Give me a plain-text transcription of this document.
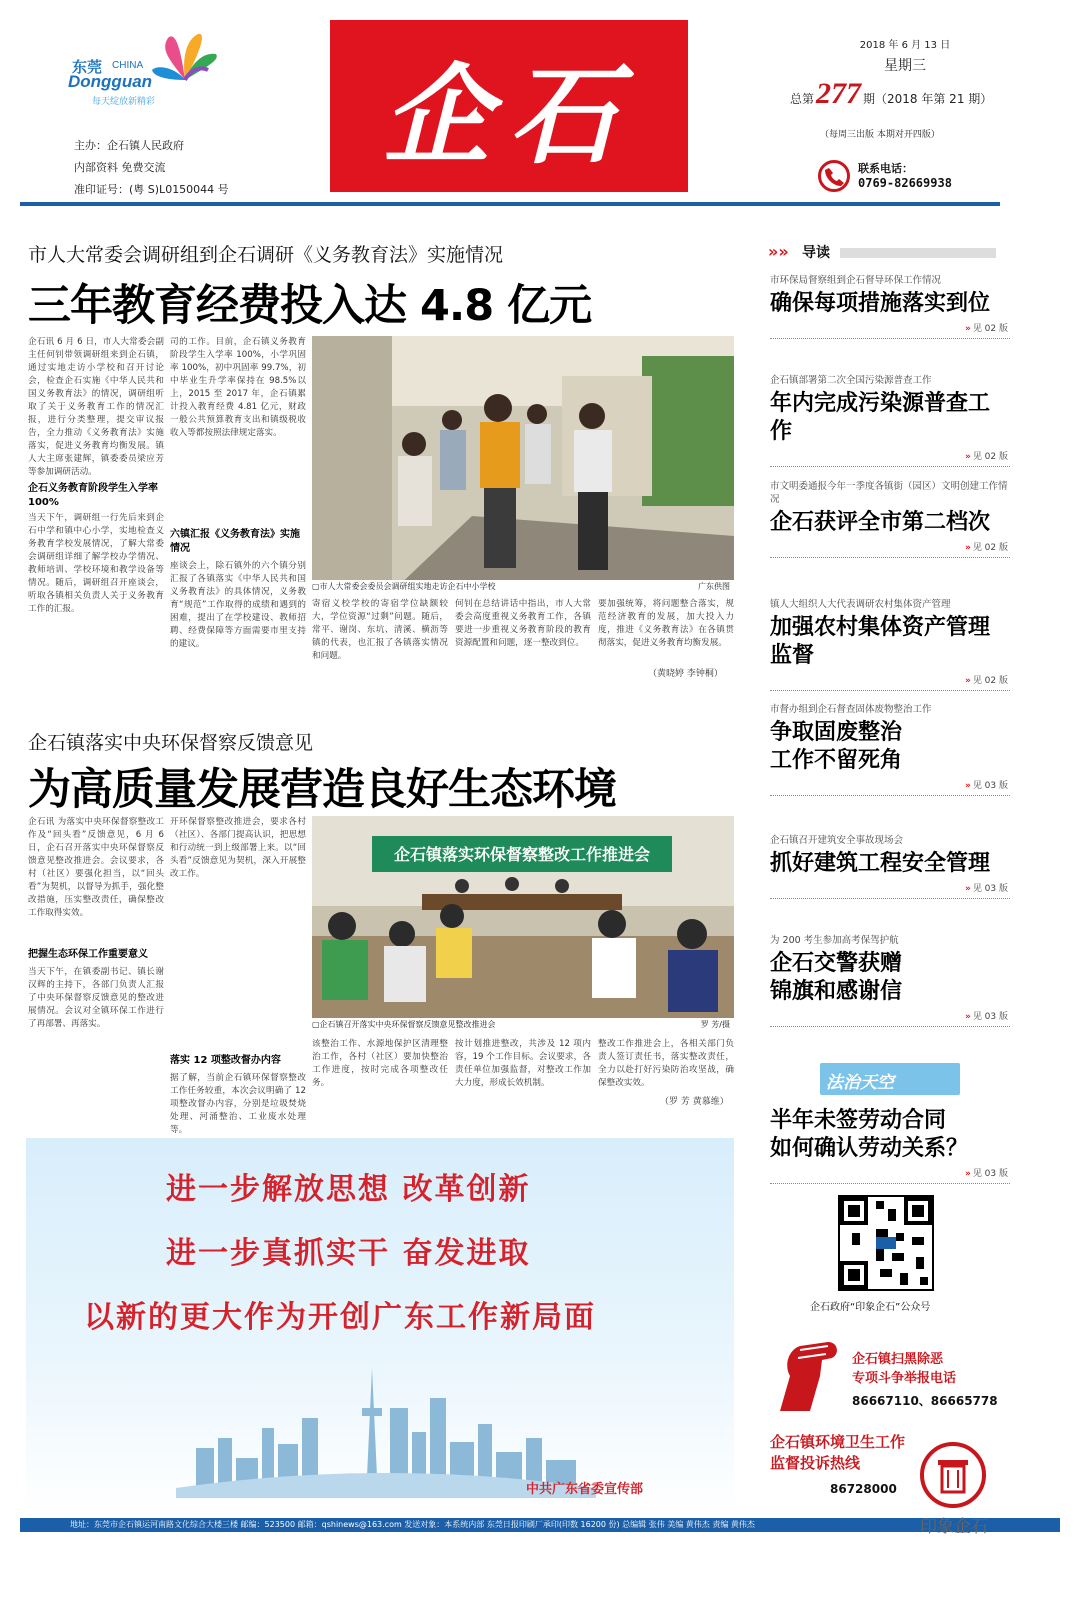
东莞 CHINA
Dongguan
每天绽放新精彩
主办：企石镇人民政府
内部资料 免费交流
准印证号：(粤 S)L0150044 号
企石
2018 年 6 月 13 日
星期三
总第 277 期（2018 年第 21 期）
（每周三出版 本期对开四版）
联系电话：
0769-82669938
市人大常委会调研组到企石调研《义务教育法》实施情况
三年教育经费投入达 4.8 亿元
企石讯 6 月 6 日，市人大常委会副主任何钊带领调研组来到企石镇，通过实地走访小学校和召开讨论会，检查企石实施《中华人民共和国义务教育法》的情况，调研组听取了关于义务教育工作的情况汇报，进行分类整理，提交审议报告，全力推动《义务教育法》实施落实，促进义务教育均衡发展。镇人大主席张建辉，镇委委员梁应芳等参加调研活动。
企石义务教育阶段学生入学率 100%
当天下午，调研组一行先后来到企石中学和镇中心小学，实地检查义务教育学校发展情况，了解大常委会调研组详细了解学校办学情况、教师培训、学校环境和教学设备等情况。随后，调研组召开座谈会，听取各镇相关负责人关于义务教育工作的汇报。
司的工作。目前，企石镇义务教育阶段学生入学率 100%，小学巩固率 100%，初中巩固率 99.7%，初中毕业生升学率保持在 98.5%以上，2015 至 2017 年，企石镇累计投入教育经费 4.81 亿元，财政一般公共预算教育支出和镇级税收收入等都按照法律规定落实。
六镇汇报《义务教育法》实施情况
座谈会上，除石镇外的六个镇分别汇报了各镇落实《中华人民共和国义务教育法》的具体情况，义务教育“规范”工作取得的成绩和遇到的困难，提出了在学校建设、教师招聘、经费保障等方面需要市里支持的建议。
▢市人大常委会委员会调研组实地走访企石中小学校	广东供图
寄宿义校学校的寄宿学位缺额较大，学位资源“过剩”问题。随后，常平、谢岗、东坑、清溪、横沥等镇的代表，也汇报了各镇落实情况和问题。
何钊在总结讲话中指出，市人大常委会高度重视义务教育工作，各镇要进一步重视义务教育阶段的教育资源配置和问题，逐一整改到位。
要加强统筹，将问题整合落实，规范经济教育的发展，加大投入力度，推进《义务教育法》在各镇贯彻落实，促进义务教育均衡发展。
（黄晓婷 李钟桐）
企石镇落实中央环保督察反馈意见
为高质量发展营造良好生态环境
企石讯 为落实中央环保督察整改工作及“回头看”反馈意见，6 月 6 日，企石召开落实中央环保督察反馈意见整改推进会。会议要求，各村（社区）要强化担当，以“回头看”为契机，以督导为抓手，强化整改措施，压实整改责任，确保整改工作取得实效。
把握生态环保工作重要意义
当天下午，在镇委副书记、镇长谢汉辉的主持下，各部门负责人汇报了中央环保督察反馈意见的整改进展情况。会议对全镇环保工作进行了再部署、再落实。
开环保督察整改推进会，要求各村（社区）、各部门提高认识，把思想和行动统一到上级部署上来。以“回头看”反馈意见为契机，深入开展整改工作。
落实 12 项整改督办内容
据了解，当前企石镇环保督察整改工作任务较重，本次会议明确了 12 项整改督办内容，分别是垃圾焚烧处理、河涌整治、工业废水处理等。
企石镇落实环保督察整改工作推进会
▢企石镇召开落实中央环保督察反馈意见整改推进会	罗 芳/摄
该整治工作、水源地保护区清理整治工作，各村（社区）要加快整治工作进度，按时完成各项整改任务。
按计划推进整改，共涉及 12 项内容，19 个工作目标。会议要求，各责任单位加强监督，对整改工作加大力度，形成长效机制。
整改工作推进会上，各相关部门负责人签订责任书，落实整改责任，全力以赴打好污染防治攻坚战，确保整改实效。
（罗 芳 黄慕维）
»» 导读
市环保局督察组到企石督导环保工作情况
确保每项措施落实到位
» 见 02 版
企石镇部署第二次全国污染源普查工作
年内完成污染源普查工作
» 见 02 版
市文明委通报今年一季度各镇街（园区）文明创建工作情况
企石获评全市第二档次
» 见 02 版
镇人大组织人大代表调研农村集体资产管理
加强农村集体资产管理监督
» 见 02 版
市督办组到企石督查固体废物整治工作
争取固废整治
工作不留死角
» 见 03 版
企石镇召开建筑安全事故现场会
抓好建筑工程安全管理
» 见 03 版
为 200 考生参加高考保驾护航
企石交警获赠
锦旗和感谢信
» 见 03 版
法治天空
半年未签劳动合同
如何确认劳动关系？
» 见 03 版
企石政府“印象企石”公众号
企石镇扫黑除恶
专项斗争举报电话
86667110、86665778
企石镇环境卫生工作
监督投诉热线
86728000
进一步解放思想 改革创新
进一步真抓实干 奋发进取
以新的更大作为开创广东工作新局面
中共广东省委宣传部
地址：东莞市企石镇运河南路文化综合大楼三楼 邮编：523500 邮箱：qshinews@163.com 发送对象：本系统内部 东莞日报印刷厂承印(印数 16200 份) 总编辑 张伟 美编 黄伟杰 责编 黄伟杰	印象企石
